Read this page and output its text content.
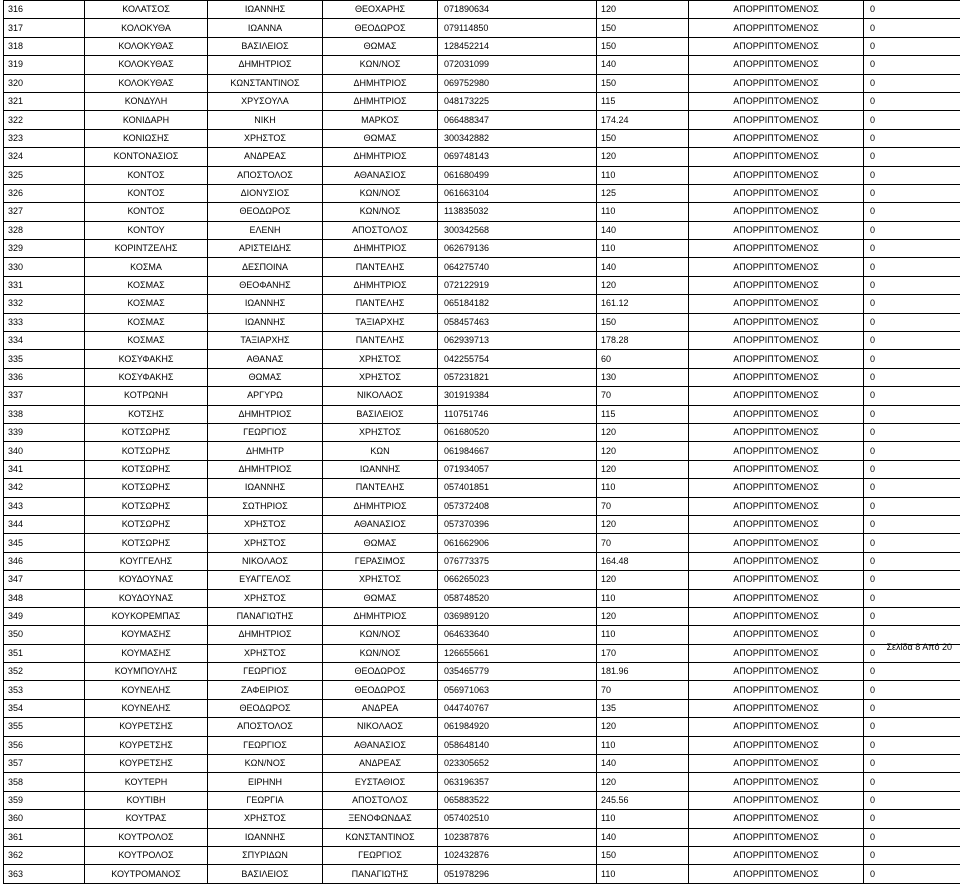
316	ΚΟΛΑΤΣΟΣ	ΙΩΑΝΝΗΣ	ΘΕΟΧΑΡΗΣ	071890634	120	ΑΠΟΡΡΙΠΤΟΜΕΝΟΣ	0
317	ΚΟΛΟΚΥΘΑ	ΙΩΑΝΝΑ	ΘΕΟΔΩΡΟΣ	079114850	150	ΑΠΟΡΡΙΠΤΟΜΕΝΟΣ	0
318	ΚΟΛΟΚΥΘΑΣ	ΒΑΣΙΛΕΙΟΣ	ΘΩΜΑΣ	128452214	150	ΑΠΟΡΡΙΠΤΟΜΕΝΟΣ	0
319	ΚΟΛΟΚΥΘΑΣ	ΔΗΜΗΤΡΙΟΣ	ΚΩΝ/ΝΟΣ	072031099	140	ΑΠΟΡΡΙΠΤΟΜΕΝΟΣ	0
320	ΚΟΛΟΚΥΘΑΣ	ΚΩΝΣΤΑΝΤΙΝΟΣ	ΔΗΜΗΤΡΙΟΣ	069752980	150	ΑΠΟΡΡΙΠΤΟΜΕΝΟΣ	0
321	ΚΟΝΔΥΛΗ	ΧΡΥΣΟΥΛΑ	ΔΗΜΗΤΡΙΟΣ	048173225	115	ΑΠΟΡΡΙΠΤΟΜΕΝΟΣ	0
322	ΚΟΝΙΔΑΡΗ	ΝΙΚΗ	ΜΑΡΚΟΣ	066488347	174.24	ΑΠΟΡΡΙΠΤΟΜΕΝΟΣ	0
323	ΚΟΝΙΩΣΗΣ	ΧΡΗΣΤΟΣ	ΘΩΜΑΣ	300342882	150	ΑΠΟΡΡΙΠΤΟΜΕΝΟΣ	0
324	ΚΟΝΤΟΝΑΣΙΟΣ	ΑΝΔΡΕΑΣ	ΔΗΜΗΤΡΙΟΣ	069748143	120	ΑΠΟΡΡΙΠΤΟΜΕΝΟΣ	0
325	ΚΟΝΤΟΣ	ΑΠΟΣΤΟΛΟΣ	ΑΘΑΝΑΣΙΟΣ	061680499	110	ΑΠΟΡΡΙΠΤΟΜΕΝΟΣ	0
326	ΚΟΝΤΟΣ	ΔΙΟΝΥΣΙΟΣ	ΚΩΝ/ΝΟΣ	061663104	125	ΑΠΟΡΡΙΠΤΟΜΕΝΟΣ	0
327	ΚΟΝΤΟΣ	ΘΕΟΔΩΡΟΣ	ΚΩΝ/ΝΟΣ	113835032	110	ΑΠΟΡΡΙΠΤΟΜΕΝΟΣ	0
328	ΚΟΝΤΟΥ	ΕΛΕΝΗ	ΑΠΟΣΤΟΛΟΣ	300342568	140	ΑΠΟΡΡΙΠΤΟΜΕΝΟΣ	0
329	ΚΟΡΙΝΤΖΕΛΗΣ	ΑΡΙΣΤΕΙΔΗΣ	ΔΗΜΗΤΡΙΟΣ	062679136	110	ΑΠΟΡΡΙΠΤΟΜΕΝΟΣ	0
330	ΚΟΣΜΑ	ΔΕΣΠΟΙΝΑ	ΠΑΝΤΕΛΗΣ	064275740	140	ΑΠΟΡΡΙΠΤΟΜΕΝΟΣ	0
331	ΚΟΣΜΑΣ	ΘΕΟΦΑΝΗΣ	ΔΗΜΗΤΡΙΟΣ	072122919	120	ΑΠΟΡΡΙΠΤΟΜΕΝΟΣ	0
332	ΚΟΣΜΑΣ	ΙΩΑΝΝΗΣ	ΠΑΝΤΕΛΗΣ	065184182	161.12	ΑΠΟΡΡΙΠΤΟΜΕΝΟΣ	0
333	ΚΟΣΜΑΣ	ΙΩΑΝΝΗΣ	ΤΑΞΙΑΡΧΗΣ	058457463	150	ΑΠΟΡΡΙΠΤΟΜΕΝΟΣ	0
334	ΚΟΣΜΑΣ	ΤΑΞΙΑΡΧΗΣ	ΠΑΝΤΕΛΗΣ	062939713	178.28	ΑΠΟΡΡΙΠΤΟΜΕΝΟΣ	0
335	ΚΟΣΥΦΑΚΗΣ	ΑΘΑΝΑΣ	ΧΡΗΣΤΟΣ	042255754	60	ΑΠΟΡΡΙΠΤΟΜΕΝΟΣ	0
336	ΚΟΣΥΦΑΚΗΣ	ΘΩΜΑΣ	ΧΡΗΣΤΟΣ	057231821	130	ΑΠΟΡΡΙΠΤΟΜΕΝΟΣ	0
337	ΚΟΤΡΩΝΗ	ΑΡΓΥΡΩ	ΝΙΚΟΛΑΟΣ	301919384	70	ΑΠΟΡΡΙΠΤΟΜΕΝΟΣ	0
338	ΚΟΤΣΗΣ	ΔΗΜΗΤΡΙΟΣ	ΒΑΣΙΛΕΙΟΣ	110751746	115	ΑΠΟΡΡΙΠΤΟΜΕΝΟΣ	0
339	ΚΟΤΣΩΡΗΣ	ΓΕΩΡΓΙΟΣ	ΧΡΗΣΤΟΣ	061680520	120	ΑΠΟΡΡΙΠΤΟΜΕΝΟΣ	0
340	ΚΟΤΣΩΡΗΣ	ΔΗΜΗΤΡ	ΚΩΝ	061984667	120	ΑΠΟΡΡΙΠΤΟΜΕΝΟΣ	0
341	ΚΟΤΣΩΡΗΣ	ΔΗΜΗΤΡΙΟΣ	ΙΩΑΝΝΗΣ	071934057	120	ΑΠΟΡΡΙΠΤΟΜΕΝΟΣ	0
342	ΚΟΤΣΩΡΗΣ	ΙΩΑΝΝΗΣ	ΠΑΝΤΕΛΗΣ	057401851	110	ΑΠΟΡΡΙΠΤΟΜΕΝΟΣ	0
343	ΚΟΤΣΩΡΗΣ	ΣΩΤΗΡΙΟΣ	ΔΗΜΗΤΡΙΟΣ	057372408	70	ΑΠΟΡΡΙΠΤΟΜΕΝΟΣ	0
344	ΚΟΤΣΩΡΗΣ	ΧΡΗΣΤΟΣ	ΑΘΑΝΑΣΙΟΣ	057370396	120	ΑΠΟΡΡΙΠΤΟΜΕΝΟΣ	0
345	ΚΟΤΣΩΡΗΣ	ΧΡΗΣΤΟΣ	ΘΩΜΑΣ	061662906	70	ΑΠΟΡΡΙΠΤΟΜΕΝΟΣ	0
346	ΚΟΥΓΓΕΛΗΣ	ΝΙΚΟΛΑΟΣ	ΓΕΡΑΣΙΜΟΣ	076773375	164.48	ΑΠΟΡΡΙΠΤΟΜΕΝΟΣ	0
347	ΚΟΥΔΟΥΝΑΣ	ΕΥΑΓΓΕΛΟΣ	ΧΡΗΣΤΟΣ	066265023	120	ΑΠΟΡΡΙΠΤΟΜΕΝΟΣ	0
348	ΚΟΥΔΟΥΝΑΣ	ΧΡΗΣΤΟΣ	ΘΩΜΑΣ	058748520	110	ΑΠΟΡΡΙΠΤΟΜΕΝΟΣ	0
349	ΚΟΥΚΟΡΕΜΠΑΣ	ΠΑΝΑΓΙΩΤΗΣ	ΔΗΜΗΤΡΙΟΣ	036989120	120	ΑΠΟΡΡΙΠΤΟΜΕΝΟΣ	0
350	ΚΟΥΜΑΣΗΣ	ΔΗΜΗΤΡΙΟΣ	ΚΩΝ/ΝΟΣ	064633640	110	ΑΠΟΡΡΙΠΤΟΜΕΝΟΣ	0
351	ΚΟΥΜΑΣΗΣ	ΧΡΗΣΤΟΣ	ΚΩΝ/ΝΟΣ	126655661	170	ΑΠΟΡΡΙΠΤΟΜΕΝΟΣ	0
352	ΚΟΥΜΠΟΥΛΗΣ	ΓΕΩΡΓΙΟΣ	ΘΕΟΔΩΡΟΣ	035465779	181.96	ΑΠΟΡΡΙΠΤΟΜΕΝΟΣ	0
353	ΚΟΥΝΕΛΗΣ	ΖΑΦΕΙΡΙΟΣ	ΘΕΟΔΩΡΟΣ	056971063	70	ΑΠΟΡΡΙΠΤΟΜΕΝΟΣ	0
354	ΚΟΥΝΕΛΗΣ	ΘΕΟΔΩΡΟΣ	ΑΝΔΡΕΑ	044740767	135	ΑΠΟΡΡΙΠΤΟΜΕΝΟΣ	0
355	ΚΟΥΡΕΤΣΗΣ	ΑΠΟΣΤΟΛΟΣ	ΝΙΚΟΛΑΟΣ	061984920	120	ΑΠΟΡΡΙΠΤΟΜΕΝΟΣ	0
356	ΚΟΥΡΕΤΣΗΣ	ΓΕΩΡΓΙΟΣ	ΑΘΑΝΑΣΙΟΣ	058648140	110	ΑΠΟΡΡΙΠΤΟΜΕΝΟΣ	0
357	ΚΟΥΡΕΤΣΗΣ	ΚΩΝ/ΝΟΣ	ΑΝΔΡΕΑΣ	023305652	140	ΑΠΟΡΡΙΠΤΟΜΕΝΟΣ	0
358	ΚΟΥΤΕΡΗ	ΕΙΡΗΝΗ	ΕΥΣΤΑΘΙΟΣ	063196357	120	ΑΠΟΡΡΙΠΤΟΜΕΝΟΣ	0
359	ΚΟΥΤΙΒΗ	ΓΕΩΡΓΙΑ	ΑΠΟΣΤΟΛΟΣ	065883522	245.56	ΑΠΟΡΡΙΠΤΟΜΕΝΟΣ	0
360	ΚΟΥΤΡΑΣ	ΧΡΗΣΤΟΣ	ΞΕΝΟΦΩΝΔΑΣ	057402510	110	ΑΠΟΡΡΙΠΤΟΜΕΝΟΣ	0
361	ΚΟΥΤΡΟΛΟΣ	ΙΩΑΝΝΗΣ	ΚΩΝΣΤΑΝΤΙΝΟΣ	102387876	140	ΑΠΟΡΡΙΠΤΟΜΕΝΟΣ	0
362	ΚΟΥΤΡΟΛΟΣ	ΣΠΥΡΙΔΩΝ	ΓΕΩΡΓΙΟΣ	102432876	150	ΑΠΟΡΡΙΠΤΟΜΕΝΟΣ	0
363	ΚΟΥΤΡΟΜΑΝΟΣ	ΒΑΣΙΛΕΙΟΣ	ΠΑΝΑΓΙΩΤΗΣ	051978296	110	ΑΠΟΡΡΙΠΤΟΜΕΝΟΣ	0
Σελίδα 8 Από 20
